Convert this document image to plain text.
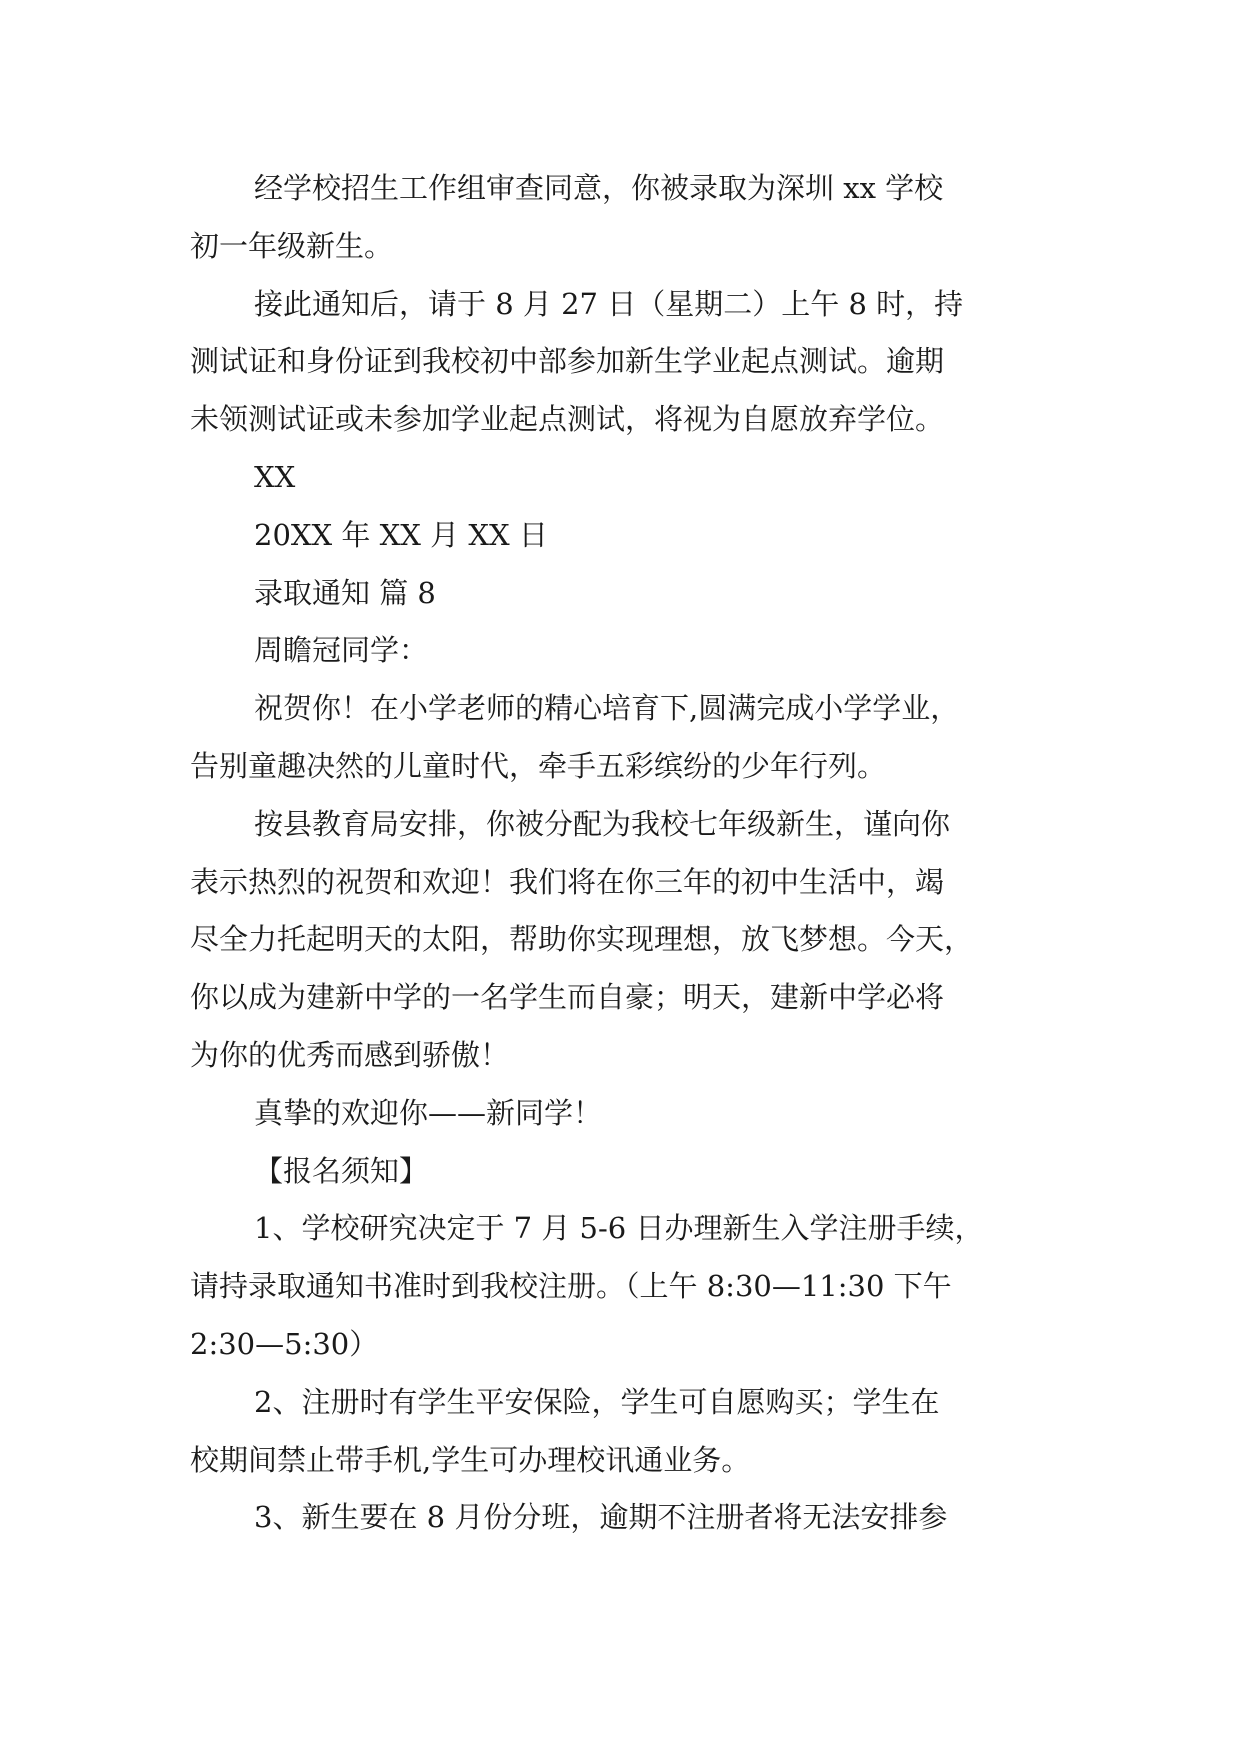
经学校招生工作组审查同意，你被录取为深圳 xx 学校
初一年级新生。
接此通知后，请于 8 月 27 日（星期二）上午 8 时，持
测试证和身份证到我校初中部参加新生学业起点测试。逾期
未领测试证或未参加学业起点测试，将视为自愿放弃学位。
XX
20XX 年 XX 月 XX 日
录取通知 篇 8
周瞻冠同学：
祝贺你！在小学老师的精心培育下,圆满完成小学学业，
告别童趣决然的儿童时代，牵手五彩缤纷的少年行列。
按县教育局安排，你被分配为我校七年级新生，谨向你
表示热烈的祝贺和欢迎！我们将在你三年的初中生活中，竭
尽全力托起明天的太阳，帮助你实现理想，放飞梦想。今天，
你以成为建新中学的一名学生而自豪；明天，建新中学必将
为你的优秀而感到骄傲！
真挚的欢迎你——新同学！
【报名须知】
1、学校研究决定于 7 月 5-6 日办理新生入学注册手续，
请持录取通知书准时到我校注册。（上午 8:30—11:30 下午
2:30—5:30）
2、注册时有学生平安保险，学生可自愿购买；学生在
校期间禁止带手机,学生可办理校讯通业务。
3、新生要在 8 月份分班，逾期不注册者将无法安排参
